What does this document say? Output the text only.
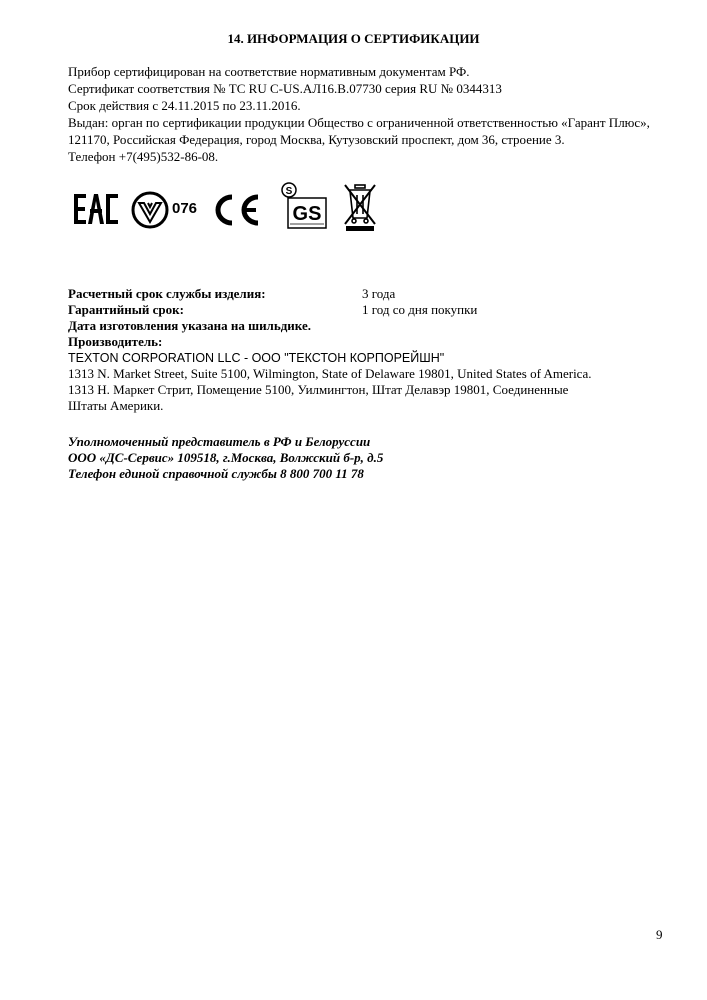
14. ИНФОРМАЦИЯ О СЕРТИФИКАЦИИ

Прибор сертифицирован на соответствие нормативным документам РФ.

Сертификат соответствия № ТС RU C-US.АЛ16.В.07730 серия RU № 0344313

Срок действия с 24.11.2015 по 23.11.2016.

Выдан: орган по сертификации продукции Общество с ограниченной ответственностью «Гарант Плюс», 121170, Российская Федерация, город Москва, Кутузовский проспект, дом 36, строение 3.

Телефон +7(495)532-86-08.

076
S
GS
Расчетный срок службы изделия:	3 года
Гарантийный срок:	1 год со дня покупки
Дата изготовления указана на шильдике.
Производитель:
TEXTON CORPORATION LLC - ООО "ТЕКСТОН КОРПОРЕЙШН"
1313 N. Market Street, Suite 5100, Wilmington, State of Delaware 19801, United States of America.
1313 Н. Маркет Стрит, Помещение 5100, Уилмингтон, Штат Делавэр 19801, Соединенные
Штаты Америки.
Уполномоченный представитель в РФ и Белоруссии
ООО «ДС-Сервис» 109518, г.Москва, Волжский б-р, д.5
Телефон единой справочной службы 8 800 700 11 78
9
